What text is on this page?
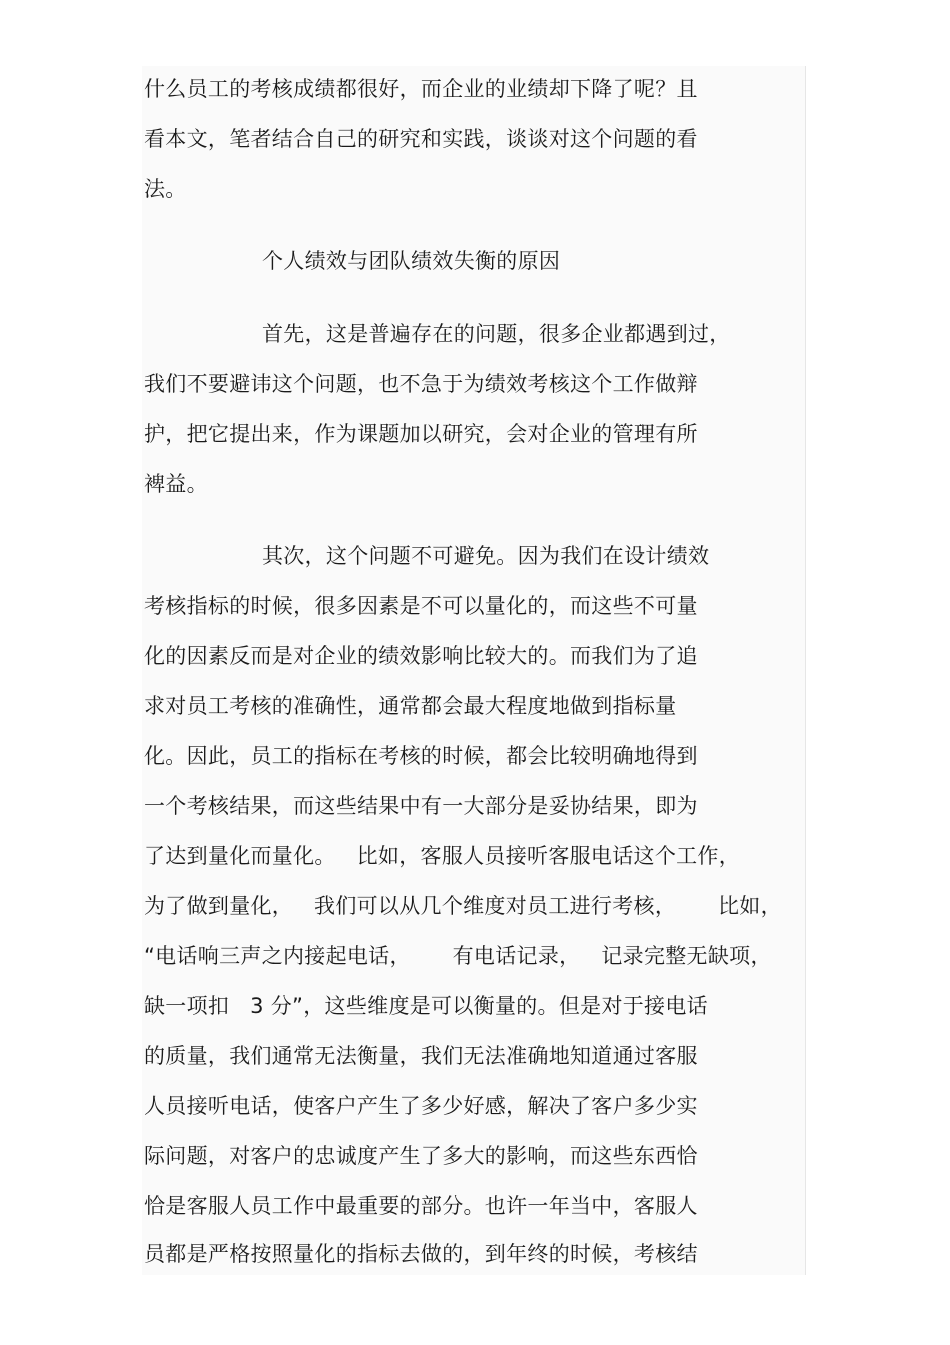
什么员工的考核成绩都很好，而企业的业绩却下降了呢？且
看本文，笔者结合自己的研究和实践，谈谈对这个问题的看
法。
个人绩效与团队绩效失衡的原因
首先，这是普遍存在的问题，很多企业都遇到过，
我们不要避讳这个问题，也不急于为绩效考核这个工作做辩
护，把它提出来，作为课题加以研究，会对企业的管理有所
裨益。
其次，这个问题不可避免。因为我们在设计绩效
考核指标的时候，很多因素是不可以量化的，而这些不可量
化的因素反而是对企业的绩效影响比较大的。而我们为了追
求对员工考核的准确性，通常都会最大程度地做到指标量
化。因此，员工的指标在考核的时候，都会比较明确地得到
一个考核结果，而这些结果中有一大部分是妥协结果，即为
了达到量化而量化。   比如，客服人员接听客服电话这个工作，
为了做到量化，   我们可以从几个维度对员工进行考核，      比如，
“电话响三声之内接起电话，      有电话记录，   记录完整无缺项，
缺一项扣   3 分”，这些维度是可以衡量的。但是对于接电话
的质量，我们通常无法衡量，我们无法准确地知道通过客服
人员接听电话，使客户产生了多少好感，解决了客户多少实
际问题，对客户的忠诚度产生了多大的影响，而这些东西恰
恰是客服人员工作中最重要的部分。也许一年当中，客服人
员都是严格按照量化的指标去做的，到年终的时候，考核结
